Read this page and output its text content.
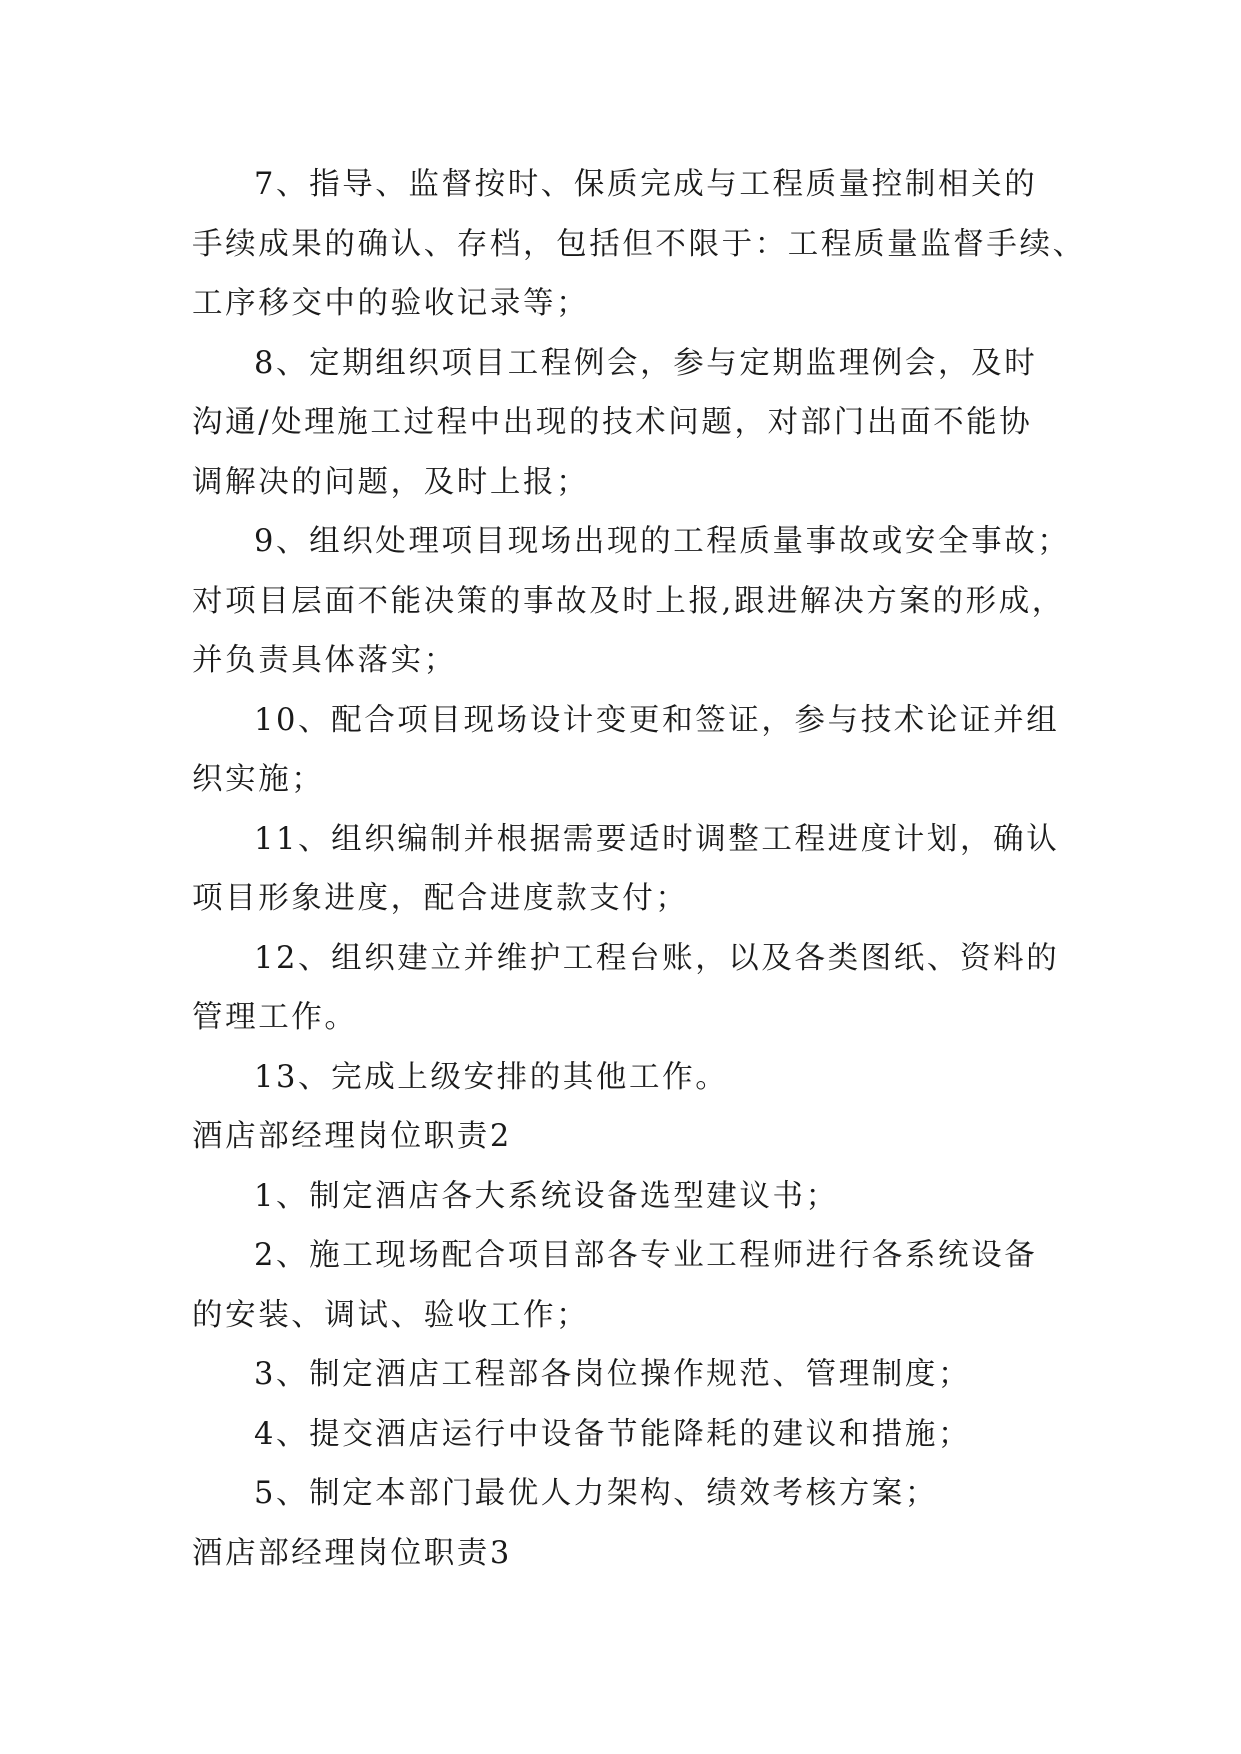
7、指导、监督按时、保质完成与工程质量控制相关的
手续成果的确认、存档，包括但不限于：工程质量监督手续、
工序移交中的验收记录等；

8、定期组织项目工程例会，参与定期监理例会，及时
沟通/处理施工过程中出现的技术问题，对部门出面不能协
调解决的问题，及时上报；

9、组织处理项目现场出现的工程质量事故或安全事故；
对项目层面不能决策的事故及时上报,跟进解决方案的形成，
并负责具体落实；

10、配合项目现场设计变更和签证，参与技术论证并组
织实施；

11、组织编制并根据需要适时调整工程进度计划，确认
项目形象进度，配合进度款支付；

12、组织建立并维护工程台账，以及各类图纸、资料的
管理工作。

13、完成上级安排的其他工作。

酒店部经理岗位职责2

1、制定酒店各大系统设备选型建议书；

2、施工现场配合项目部各专业工程师进行各系统设备
的安装、调试、验收工作；

3、制定酒店工程部各岗位操作规范、管理制度；

4、提交酒店运行中设备节能降耗的建议和措施；

5、制定本部门最优人力架构、绩效考核方案；

酒店部经理岗位职责3
